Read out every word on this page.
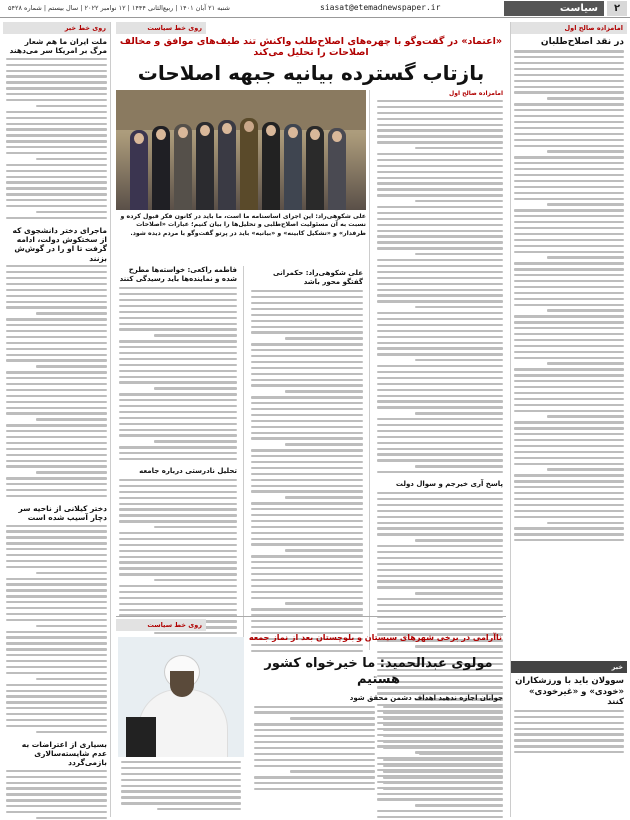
۲
سیاست
siasat@etemadnewspaper.ir
شنبه ۲۱ آبان ۱۴۰۱ | ربیع‌الثانی ۱۴۴۴ | ۱۲ نوامبر ۲۰۲۲ | سال بیستم | شماره ۵۴۲۸
امامزاده صالح اول
در نقد اصلاح‌طلبان
خبر
سوولان باید با ورزشکاران «خودی» و «غیرخودی» کنند
روی خط سیاست
«اعتماد» در گفت‌وگو با چهره‌های اصلاح‌طلب واکنش تند طیف‌های موافق و مخالف اصلاحات را تحلیل می‌کند
بازتاب گسترده بیانیه جبهه اصلاحات
امامزاده صالح اول
پاسخ آری خیرجم و سوال دولت
علی شکوهی‌راد: این اجرای اساسنامه ما است، ما باید در کانون فکر قبول کرده و نسبت به آن مسئولیت اصلاح‌طلبی و تحلیل‌ها را بیان کنیم؛ عبارات «اصلاحات طرفدار» و «تشکیل کابینه» و «بیانیه» باید در پرتو گفت‌وگو با مردم دیده شود.
علی شکوهی‌راد: حکمرانی گفتگو محور باشد
فاطمه راکعی: خواسته‌ها مطرح شده و نماینده‌ها باید رسیدگی کنند
تحلیل نادرستی درباره جامعه
روی خط سیاست
ناآرامی در برخی شهرهای سیستان و بلوچستان بعد از نماز جمعه
مولوی عبدالحمید: ما خیرخواه کشور هستیم
جوانان اجازه ندهید اهداف دشمن محقق شود
روی خط خبر
ملت ایران ما هم شعار مرگ بر امریکا سر می‌دهند
ماجرای دختر دانشجوی که از سختکوش دولت، ادامه گرفت تا او را در گوش‌ش بزنند
دختر کیلانی از ناحیه سر دچار آسیب شده است
بسیاری از اعتراضات به عدم شایسته‌سالاری بازمی‌گردد
